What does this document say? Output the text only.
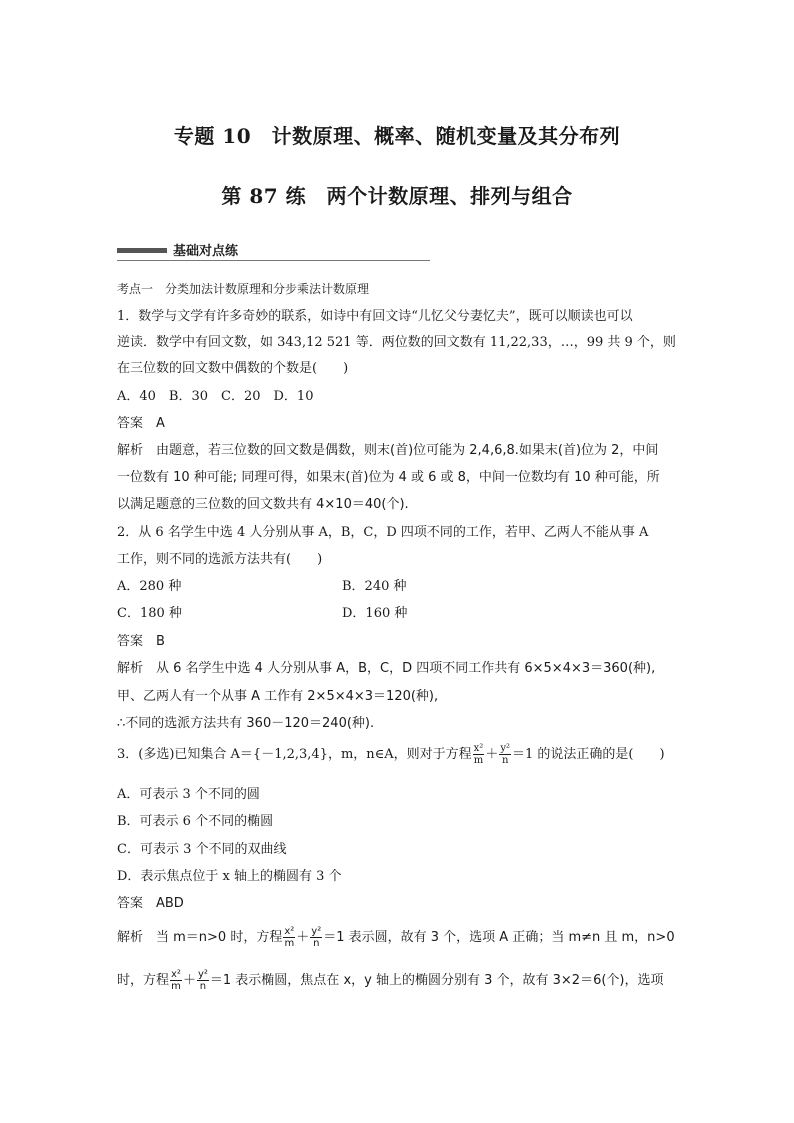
专题 10　计数原理、概率、随机变量及其分布列
第 87 练　两个计数原理、排列与组合
基础对点练
考点一　分类加法计数原理和分步乘法计数原理
1．数学与文学有许多奇妙的联系，如诗中有回文诗“儿忆父兮妻忆夫”，既可以顺读也可以
逆读．数学中有回文数，如 343,12 521 等．两位数的回文数有 11,22,33，…，99 共 9 个，则
在三位数的回文数中偶数的个数是(　　)
A．40　B．30　C．20　D．10
答案　A
解析　由题意，若三位数的回文数是偶数，则末(首)位可能为 2,4,6,8.如果末(首)位为 2，中间
一位数有 10 种可能; 同理可得，如果末(首)位为 4 或 6 或 8，中间一位数均有 10 种可能，所
以满足题意的三位数的回文数共有 4×10＝40(个).
2．从 6 名学生中选 4 人分别从事 A，B，C，D 四项不同的工作，若甲、乙两人不能从事 A
工作，则不同的选派方法共有(　　)
A．280 种	B．240 种
C．180 种	D．160 种
答案　B
解析　从 6 名学生中选 4 人分别从事 A，B，C，D 四项不同工作共有 6×5×4×3＝360(种),
甲、乙两人有一个从事 A 工作有 2×5×4×3＝120(种),
∴不同的选派方法共有 360－120＝240(种).
3．(多选)已知集合 A＝{－1,2,3,4}，m，n∈A，则对于方程 $\frac{\text{x²}}{m} + \frac{\text{y²}}{n} =1$ 的说法正确的是(　　)
A．可表示 3 个不同的圆
B．可表示 6 个不同的椭圆
C．可表示 3 个不同的双曲线
D．表示焦点位于 x 轴上的椭圆有 3 个
答案　ABD
解析　当 m＝n>0 时，方程 $\frac{\text{x²}}{m} + \frac{\text{y²}}{n} =1$ 表示圆，故有 3 个，选项 A 正确；当 m≠n 且 m，n>0
时，方程 $\frac{\text{x²}}{m} + \frac{\text{y²}}{n} =1$ 表示椭圆，焦点在 x，y 轴上的椭圆分别有 3 个，故有 3×2＝6(个)，选项
